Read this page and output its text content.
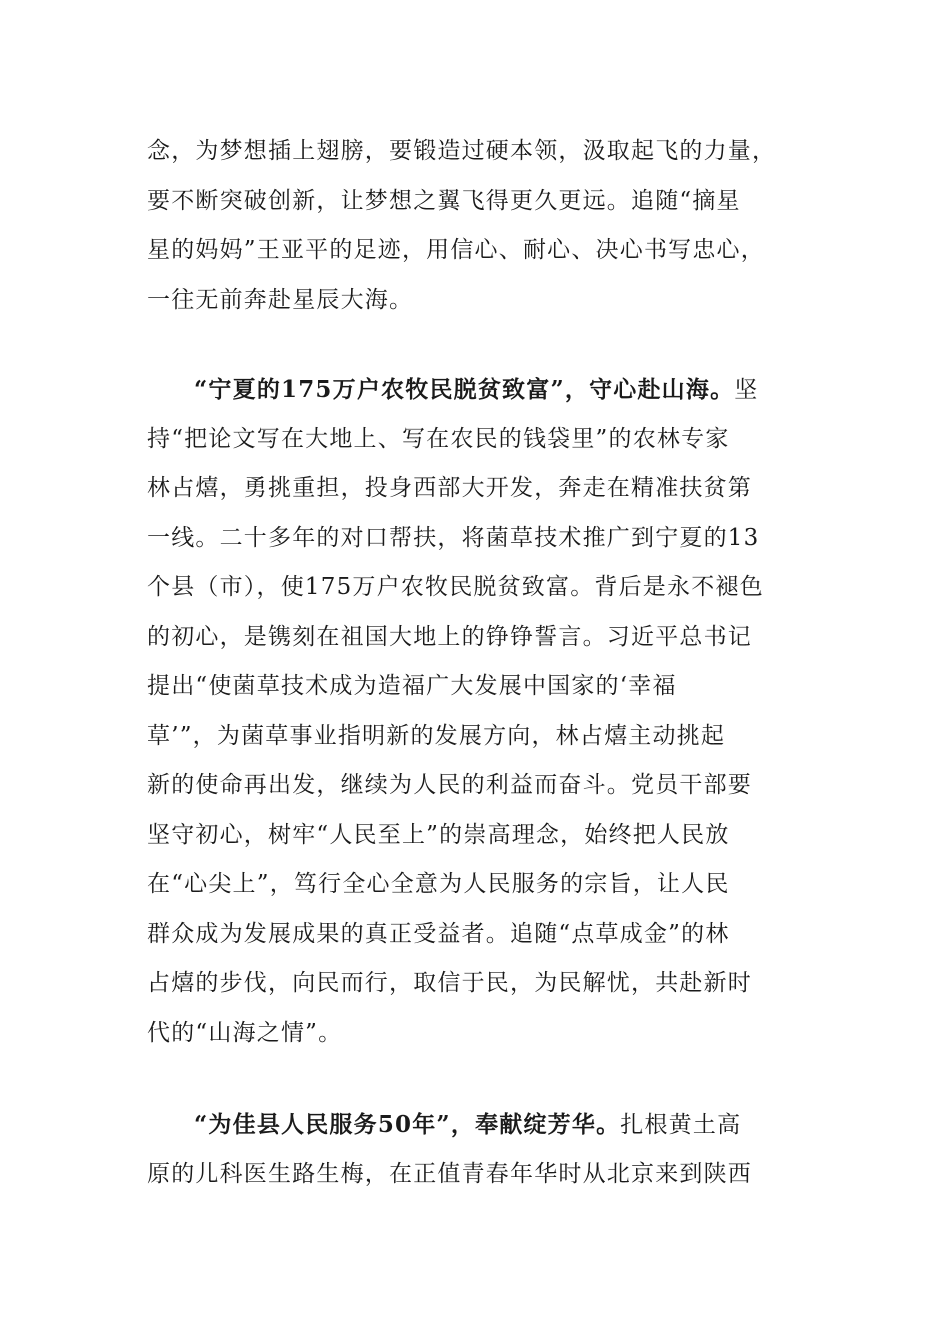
念，为梦想插上翅膀，要锻造过硬本领，汲取起飞的力量，
要不断突破创新，让梦想之翼飞得更久更远。追随“摘星
星的妈妈”王亚平的足迹，用信心、耐心、决心书写忠心，
一往无前奔赴星辰大海。
“宁夏的175万户农牧民脱贫致富”，守心赴山海。坚
持“把论文写在大地上、写在农民的钱袋里”的农林专家
林占熺，勇挑重担，投身西部大开发，奔走在精准扶贫第
一线。二十多年的对口帮扶，将菌草技术推广到宁夏的13
个县（市），使175万户农牧民脱贫致富。背后是永不褪色
的初心，是镌刻在祖国大地上的铮铮誓言。习近平总书记
提出“使菌草技术成为造福广大发展中国家的‘幸福
草’”，为菌草事业指明新的发展方向，林占熺主动挑起
新的使命再出发，继续为人民的利益而奋斗。党员干部要
坚守初心，树牢“人民至上”的崇高理念，始终把人民放
在“心尖上”，笃行全心全意为人民服务的宗旨，让人民
群众成为发展成果的真正受益者。追随“点草成金”的林
占熺的步伐，向民而行，取信于民，为民解忧，共赴新时
代的“山海之情”。
“为佳县人民服务50年”，奉献绽芳华。扎根黄土高
原的儿科医生路生梅，在正值青春年华时从北京来到陕西
